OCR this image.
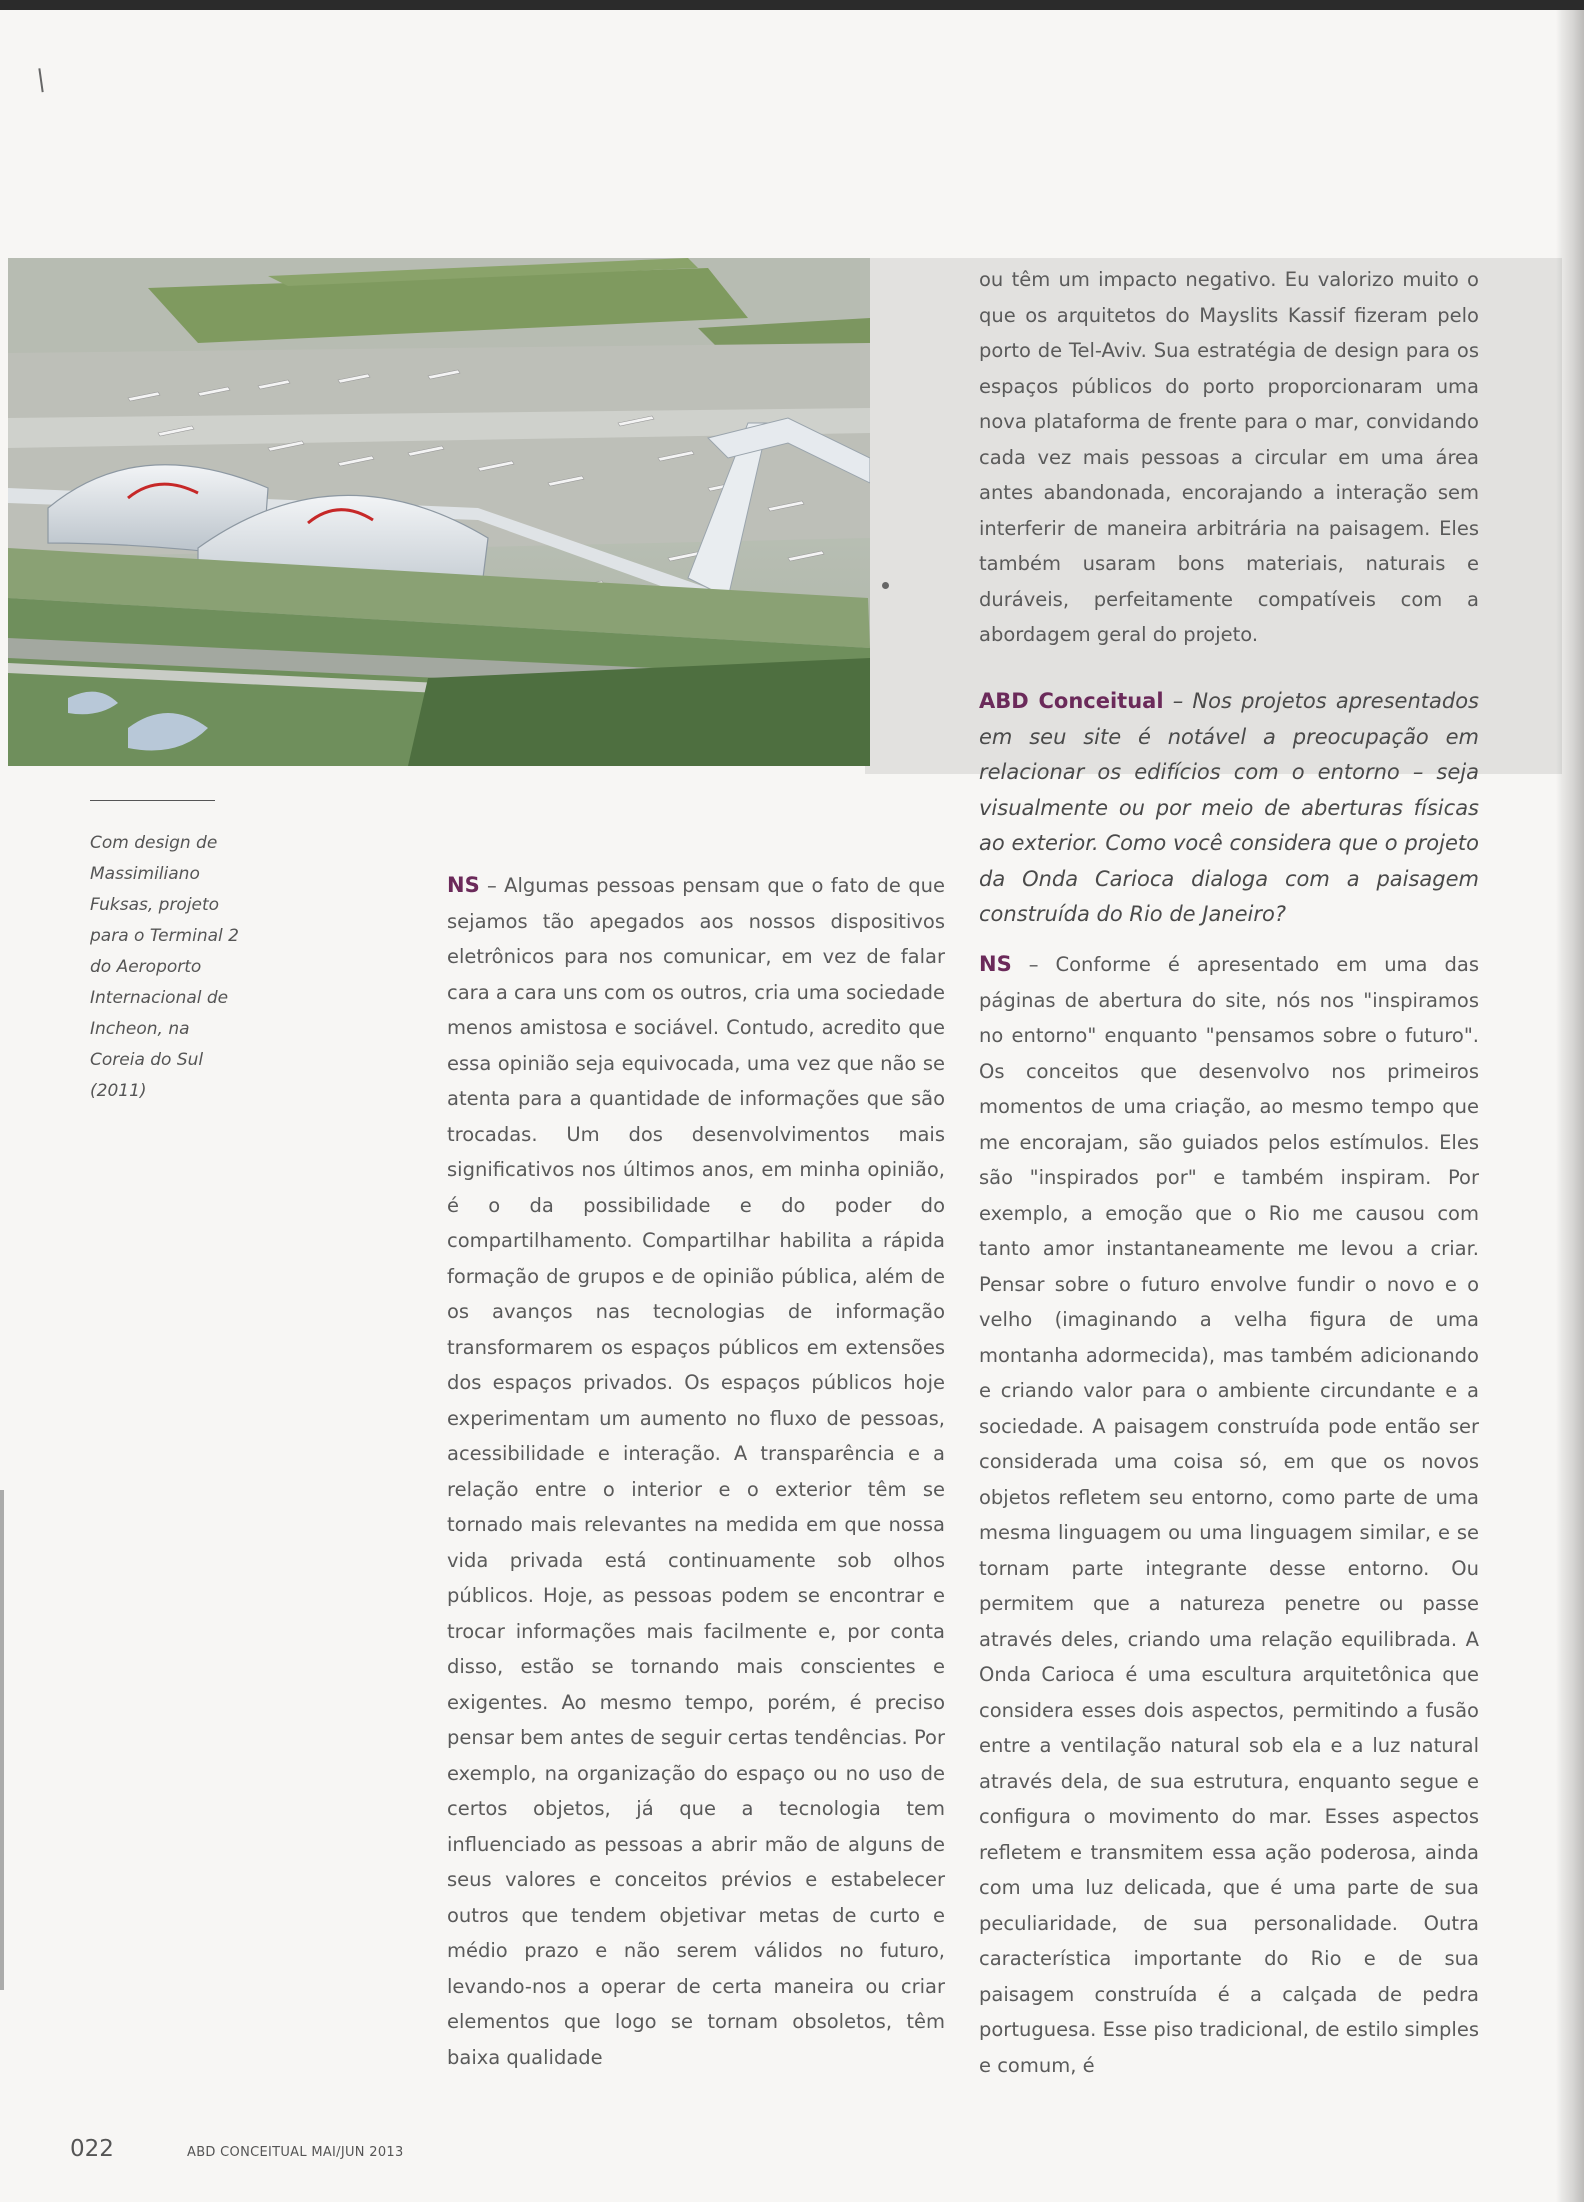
Com design de Massimiliano Fuksas, projeto para o Terminal 2 do Aeroporto Internacional de Incheon, na Coreia do Sul (2011)
NS – Algumas pessoas pensam que o fato de que sejamos tão apegados aos nossos dispositivos eletrônicos para nos comunicar, em vez de falar cara a cara uns com os outros, cria uma sociedade menos amistosa e sociável. Contudo, acredito que essa opinião seja equivocada, uma vez que não se atenta para a quantidade de informações que são trocadas. Um dos desenvolvimentos mais significativos nos últimos anos, em minha opinião, é o da possibilidade e do poder do compartilhamento. Compartilhar habilita a rápida formação de grupos e de opinião pública, além de os avanços nas tecnologias de informação transformarem os espaços públicos em extensões dos espaços privados. Os espaços públicos hoje experimentam um aumento no fluxo de pessoas, acessibilidade e interação. A transparência e a relação entre o interior e o exterior têm se tornado mais relevantes na medida em que nossa vida privada está continuamente sob olhos públicos. Hoje, as pessoas podem se encontrar e trocar informações mais facilmente e, por conta disso, estão se tornando mais conscientes e exigentes. Ao mesmo tempo, porém, é preciso pensar bem antes de seguir certas tendências. Por exemplo, na organização do espaço ou no uso de certos objetos, já que a tecnologia tem influenciado as pessoas a abrir mão de alguns de seus valores e conceitos prévios e estabelecer outros que tendem objetivar metas de curto e médio prazo e não serem válidos no futuro, levando-nos a operar de certa maneira ou criar elementos que logo se tornam obsoletos, têm baixa qualidade
ou têm um impacto negativo. Eu valorizo muito o que os arquitetos do Mayslits Kassif fizeram pelo porto de Tel-Aviv. Sua estratégia de design para os espaços públicos do porto proporcionaram uma nova plataforma de frente para o mar, convidando cada vez mais pessoas a circular em uma área antes abandonada, encorajando a interação sem interferir de maneira arbitrária na paisagem. Eles também usaram bons materiais, naturais e duráveis, perfeitamente compatíveis com a abordagem geral do projeto.
ABD Conceitual – Nos projetos apresentados em seu site é notável a preocupação em relacionar os edifícios com o entorno – seja visualmente ou por meio de aberturas físicas ao exterior. Como você considera que o projeto da Onda Carioca dialoga com a paisagem construída do Rio de Janeiro?
NS – Conforme é apresentado em uma das páginas de abertura do site, nós nos "inspiramos no entorno" enquanto "pensamos sobre o futuro". Os conceitos que desenvolvo nos primeiros momentos de uma criação, ao mesmo tempo que me encorajam, são guiados pelos estímulos. Eles são "inspirados por" e também inspiram. Por exemplo, a emoção que o Rio me causou com tanto amor instantaneamente me levou a criar. Pensar sobre o futuro envolve fundir o novo e o velho (imaginando a velha figura de uma montanha adormecida), mas também adicionando e criando valor para o ambiente circundante e a sociedade. A paisagem construída pode então ser considerada uma coisa só, em que os novos objetos refletem seu entorno, como parte de uma mesma linguagem ou uma linguagem similar, e se tornam parte integrante desse entorno. Ou permitem que a natureza penetre ou passe através deles, criando uma relação equilibrada. A Onda Carioca é uma escultura arquitetônica que considera esses dois aspectos, permitindo a fusão entre a ventilação natural sob ela e a luz natural através dela, de sua estrutura, enquanto segue e configura o movimento do mar. Esses aspectos refletem e transmitem essa ação poderosa, ainda com uma luz delicada, que é uma parte de sua peculiaridade, de sua personalidade. Outra característica importante do Rio e de sua paisagem construída é a calçada de pedra portuguesa. Esse piso tradicional, de estilo simples e comum, é
022	ABD CONCEITUAL MAI/JUN 2013
